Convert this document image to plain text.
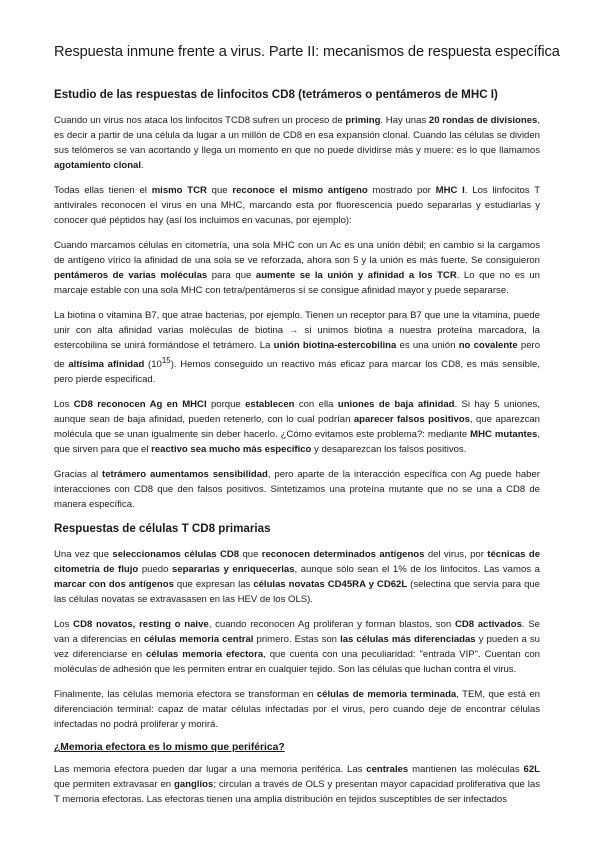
Respuesta inmune frente a virus. Parte II: mecanismos de respuesta específica
Estudio de las respuestas de linfocitos CD8 (tetrámeros o pentámeros de MHC I)

Cuando un virus nos ataca los linfocitos TCD8 sufren un proceso de priming. Hay unas 20 rondas de divisiones, es decir a partir de una célula da lugar a un millón de CD8 en esa expansión clonal. Cuando las células se dividen sus telómeros se van acortando y llega un momento en que no puede dividirse más y muere: es lo que llamamos agotamiento clonal.

Todas ellas tienen el mismo TCR que reconoce el mismo antígeno mostrado por MHC I. Los linfocitos T antivirales reconocen el virus en una MHC, marcando esta por fluorescencia puedo separarlas y estudiarlas y conocer qué péptidos hay (así los incluimos en vacunas, por ejemplo):

Cuando marcamos células en citometría, una sola MHC con un Ac es una unión débil; en cambio si la cargamos de antígeno vírico la afinidad de una sola se ve reforzada, ahora son 5 y la unión es más fuerte. Se consiguieron pentámeros de varias moléculas para que aumente se la unión y afinidad a los TCR. Lo que no es un marcaje estable con una sola MHC con tetra/pentámeros sí se consigue afinidad mayor y puede separarse.

La biotina o vitamina B7, que atrae bacterias, por ejemplo. Tienen un receptor para B7 que une la vitamina, puede unir con alta afinidad varias moléculas de biotina → si unimos biotina a nuestra proteína marcadora, la estercobilina se unirá formándose el tetrámero. La unión biotina-estercobilina es una unión no covalente pero de altísima afinidad $(10^{15})$. Hemos conseguido un reactivo más eficaz para marcar los CD8, es más sensible, pero pierde especificad.

Los CD8 reconocen Ag en MHCI porque establecen con ella uniones de baja afinidad. Si hay 5 uniones, aunque sean de baja afinidad, pueden retenerlo, con lo cual podrían aparecer falsos positivos, que aparezcan molécula que se unan igualmente sin deber hacerlo. ¿Cómo evitamos este problema?: mediante MHC mutantes, que sirven para que el reactivo sea mucho más específico y desaparezcan los falsos positivos.

Gracias al tetrámero aumentamos sensibilidad, pero aparte de la interacción específica con Ag puede haber interacciones con CD8 que den falsos positivos. Sintetizamos una proteína mutante que no se una a CD8 de manera específica.

Respuestas de células T CD8 primarias

Una vez que seleccionamos células CD8 que reconocen determinados antígenos del virus, por técnicas de citometría de flujo puedo separarlas y enriquecerlas, aunque sólo sean el 1% de los linfocitos. Las vamos a marcar con dos antígenos que expresan las células novatas CD45RA y CD62L (selectina que servía para que las células novatas se extravasasen en las HEV de los OLS).

Los CD8 novatos, resting o naive, cuando reconocen Ag proliferan y forman blastos, son CD8 activados. Se van a diferencias en células memoria central primero. Estas son las células más diferenciadas y pueden a su vez diferenciarse en células memoria efectora, que cuenta con una peculiaridad: "entrada VIP". Cuentan con moléculas de adhesión que les permiten entrar en cualquier tejido. Son las células que luchan contra el virus.

Finalmente, las células memoria efectora se transforman en células de memoria terminada, TEM, que está en diferenciación terminal: capaz de matar células infectadas por el virus, pero cuando deje de encontrar células infectadas no podrá proliferar y morirá.

¿Memoria efectora es lo mismo que periférica?

Las memoria efectora pueden dar lugar a una memoria periférica. Las centrales mantienen las moléculas 62L que permiten extravasar en ganglios; circulan a través de OLS y presentan mayor capacidad proliferativa que las T memoria efectoras. Las efectoras tienen una amplia distribución en tejidos susceptibles de ser infectados
